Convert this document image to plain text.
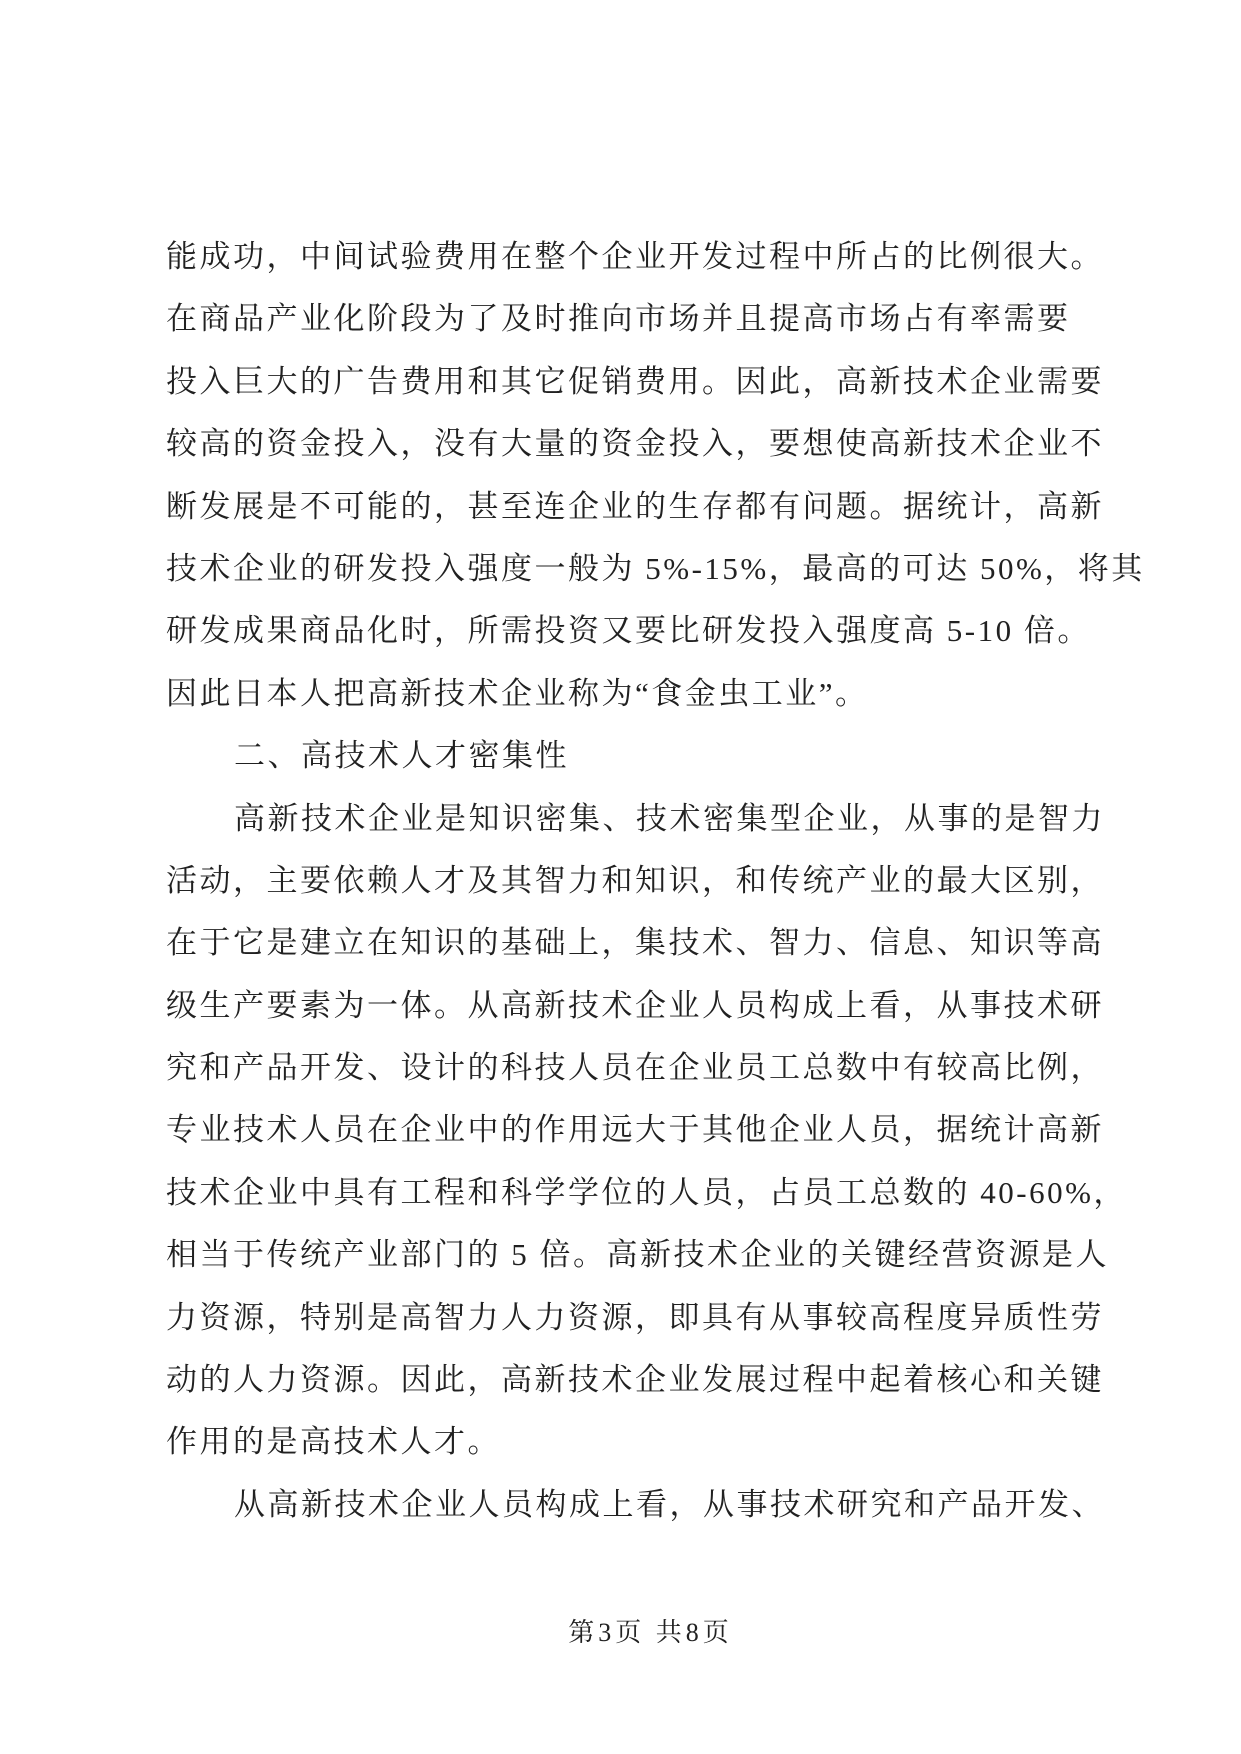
能成功，中间试验费用在整个企业开发过程中所占的比例很大。
在商品产业化阶段为了及时推向市场并且提高市场占有率需要
投入巨大的广告费用和其它促销费用。因此，高新技术企业需要
较高的资金投入，没有大量的资金投入，要想使高新技术企业不
断发展是不可能的，甚至连企业的生存都有问题。据统计，高新
技术企业的研发投入强度一般为 5%-15%，最高的可达 50%，将其
研发成果商品化时，所需投资又要比研发投入强度高 5-10 倍。
因此日本人把高新技术企业称为“食金虫工业”。
二、高技术人才密集性
高新技术企业是知识密集、技术密集型企业，从事的是智力
活动，主要依赖人才及其智力和知识，和传统产业的最大区别，
在于它是建立在知识的基础上，集技术、智力、信息、知识等高
级生产要素为一体。从高新技术企业人员构成上看，从事技术研
究和产品开发、设计的科技人员在企业员工总数中有较高比例，
专业技术人员在企业中的作用远大于其他企业人员，据统计高新
技术企业中具有工程和科学学位的人员，占员工总数的 40-60%，
相当于传统产业部门的 5 倍。高新技术企业的关键经营资源是人
力资源，特别是高智力人力资源，即具有从事较高程度异质性劳
动的人力资源。因此，高新技术企业发展过程中起着核心和关键
作用的是高技术人才。
从高新技术企业人员构成上看，从事技术研究和产品开发、
第3页 共8页
